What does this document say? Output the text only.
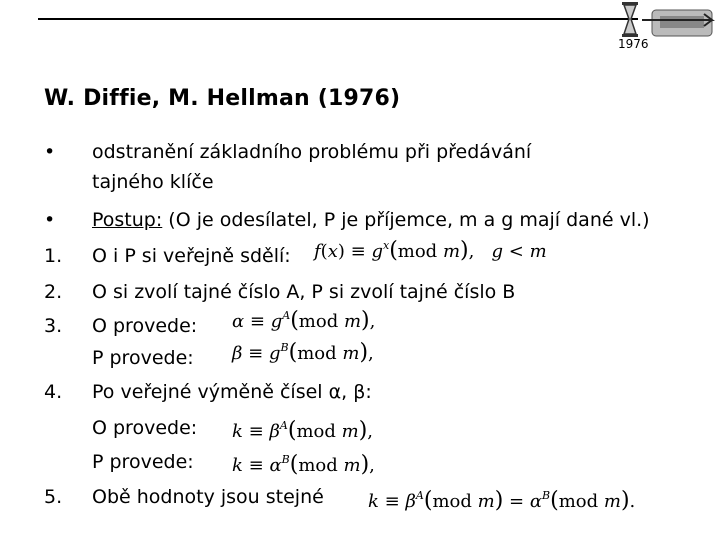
1976
W. Diffie, M. Hellman (1976)
•	odstranění základního problému při předávání
tajného klíče
•	Postup: (O je odesílatel, P je příjemce, m a g mají dané vl.)
1.	O i P si veřejně sdělí: $f(x) \equiv g^x(mod$ m),   g < m
2.	O si zvolí tajné číslo A, P si zvolí tajné číslo B
3.	O provede: $\alpha \equiv g^A(mod$ m),
P provede: $\beta \equiv g^B(mod$ m),
4.	Po veřejné výměně čísel α, β:
O provede: $k \equiv \beta^A(mod$ m),
P provede: $k \equiv \alpha^B(mod$ m),
5.	Obě hodnoty jsou stejné $k \equiv \beta^A(mod$ $m) = \alpha^B(mod$ m).
